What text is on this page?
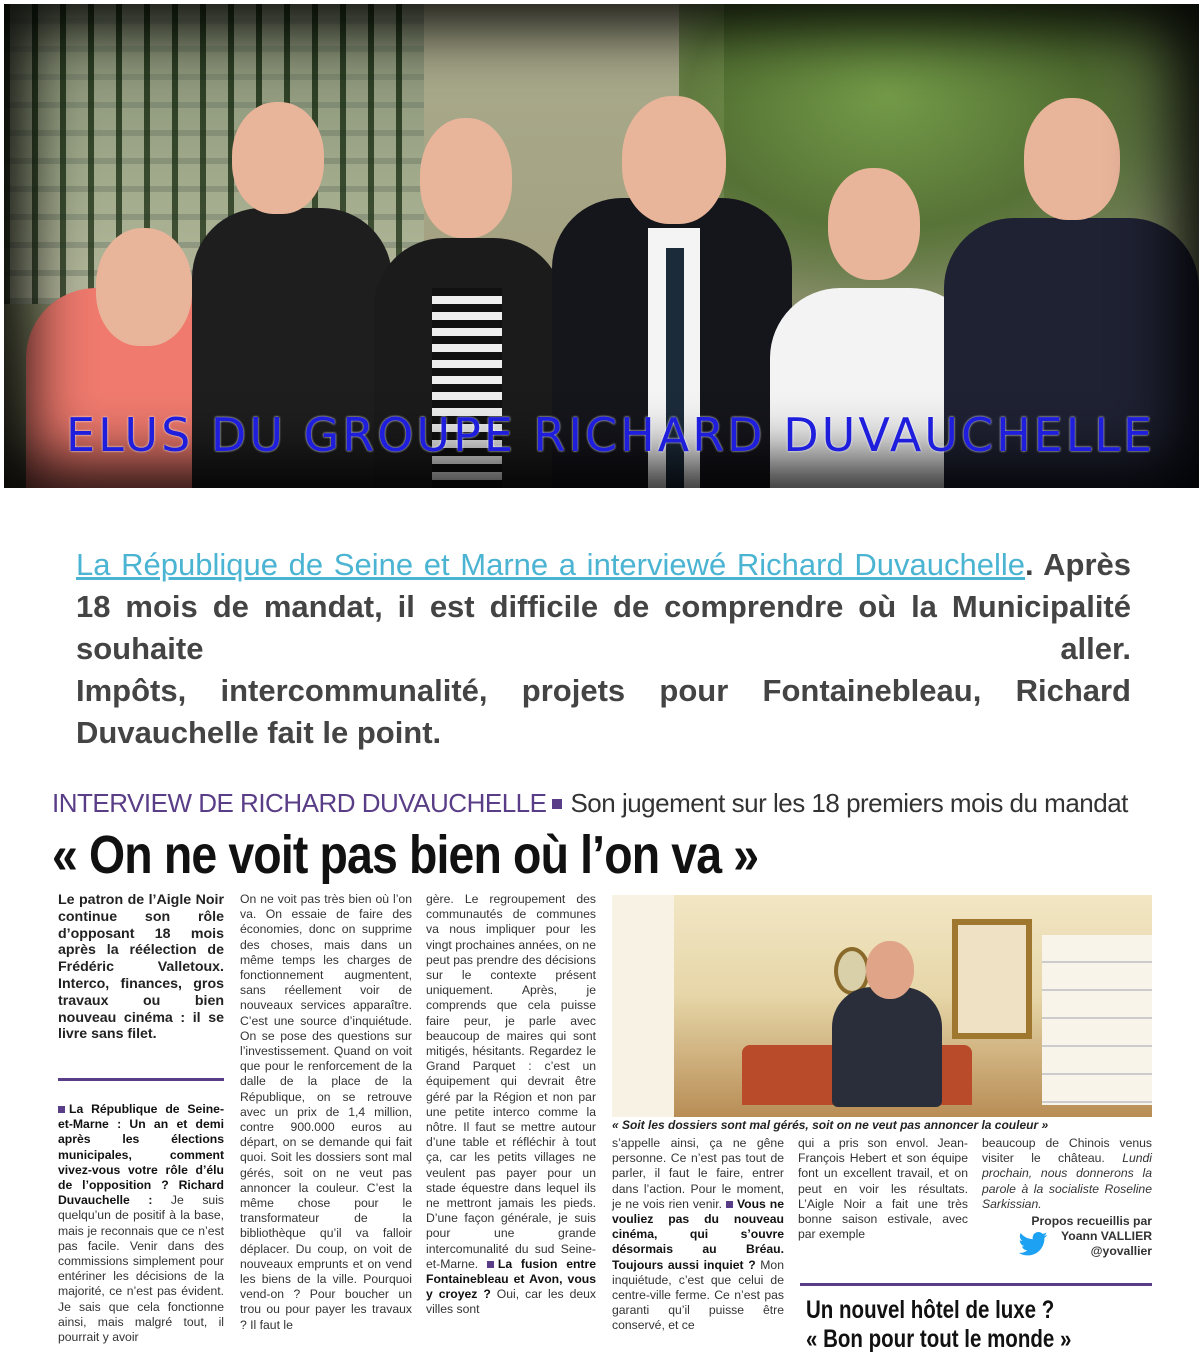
ELUS DU GROUPE RICHARD DUVAUCHELLE

La République de Seine et Marne a interviewé Richard Duvauchelle. Après 18 mois de mandat, il est difficile de comprendre où la Municipalité souhaite aller.

Impôts, intercommunalité, projets pour Fontainebleau, Richard Duvauchelle fait le point.

INTERVIEW DE RICHARD DUVAUCHELLE Son jugement sur les 18 premiers mois du mandat
« On ne voit pas bien où l’on va »
Le patron de l’Aigle Noir continue son rôle d’opposant 18 mois après la réélection de Frédéric Valletoux. Interco, finances, gros travaux ou bien nouveau cinéma : il se livre sans filet.
La République de Seine-et-Marne : Un an et demi après les élections municipales, comment vivez-vous votre rôle d’élu de l’opposition ? Richard Duvauchelle : Je suis quelqu’un de positif à la base, mais je reconnais que ce n’est pas facile. Venir dans des commissions simplement pour entériner les décisions de la majorité, ce n’est pas évident. Je sais que cela fonctionne ainsi, mais malgré tout, il pourrait y avoir
On ne voit pas très bien où l’on va. On essaie de faire des économies, donc on supprime des choses, mais dans un même temps les charges de fonctionnement augmentent, sans réellement voir de nouveaux services apparaître. C’est une source d’inquiétude. On se pose des questions sur l’investissement. Quand on voit que pour le renforcement de la dalle de la place de la République, on se retrouve avec un prix de 1,4 million, contre 900.000 euros au départ, on se demande qui fait quoi. Soit les dossiers sont mal gérés, soit on ne veut pas annoncer la couleur. C’est la même chose pour le transformateur de la bibliothèque qu’il va falloir déplacer. Du coup, on voit de nouveaux emprunts et on vend les biens de la ville. Pourquoi vend-on ? Pour boucher un trou ou pour payer les travaux ? Il faut le
gère. Le regroupement des communautés de communes va nous impliquer pour les vingt prochaines années, on ne peut pas prendre des décisions sur le contexte présent uniquement. Après, je comprends que cela puisse faire peur, je parle avec beaucoup de maires qui sont mitigés, hésitants. Regardez le Grand Parquet : c’est un équipement qui devrait être géré par la Région et non par une petite interco comme la nôtre. Il faut se mettre autour d’une table et réfléchir à tout ça, car les petits villages ne veulent pas payer pour un stade équestre dans lequel ils ne mettront jamais les pieds. D’une façon générale, je suis pour une grande intercomunalité du sud Seine-et-Marne. La fusion entre Fontainebleau et Avon, vous y croyez ? Oui, car les deux villes sont
« Soit les dossiers sont mal gérés, soit on ne veut pas annoncer la couleur »
s’appelle ainsi, ça ne gêne personne. Ce n’est pas tout de parler, il faut le faire, entrer dans l’action. Pour le moment, je ne vois rien venir. Vous ne vouliez pas du nouveau cinéma, qui s’ouvre désormais au Bréau. Toujours aussi inquiet ? Mon inquiétude, c’est que celui de centre-ville ferme. Ce n’est pas garanti qu’il puisse être conservé, et ce
qui a pris son envol. Jean-François Hebert et son équipe font un excellent travail, et on peut en voir les résultats. L’Aigle Noir a fait une très bonne saison estivale, avec par exemple
beaucoup de Chinois venus visiter le château. Lundi prochain, nous donnerons la parole à la socialiste Roseline Sarkissian.
Propos recueillis par
Yoann VALLIER
@yovallier
Un nouvel hôtel de luxe ?
« Bon pour tout le monde »
